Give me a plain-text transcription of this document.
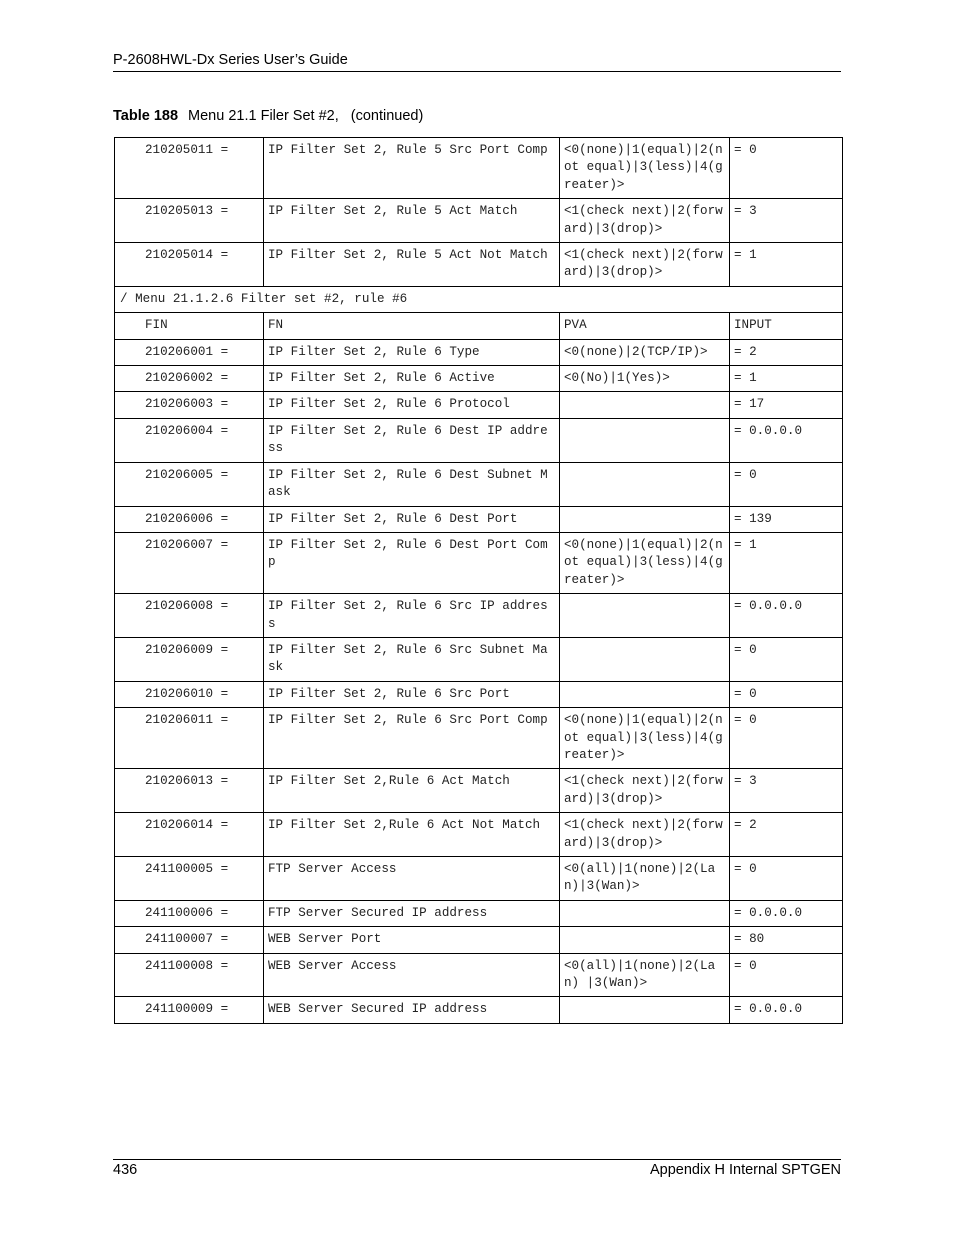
P-2608HWL-Dx Series User’s Guide
Table 188 Menu 21.1 Filer Set #2, (continued)
210205011 =	IP Filter Set 2, Rule 5 Src Port Comp	<0(none)|1(equal)|2(not equal)|3(less)|4(greater)>	= 0
210205013 =	IP Filter Set 2, Rule 5 Act Match	<1(check next)|2(forward)|3(drop)>	= 3
210205014 =	IP Filter Set 2, Rule 5 Act Not Match	<1(check next)|2(forward)|3(drop)>	= 1
/ Menu 21.1.2.6 Filter set #2, rule #6			
FIN	FN	PVA	INPUT
210206001 =	IP Filter Set 2, Rule 6 Type	<0(none)|2(TCP/IP)>	= 2
210206002 =	IP Filter Set 2, Rule 6 Active	<0(No)|1(Yes)>	= 1
210206003 =	IP Filter Set 2, Rule 6 Protocol		= 17
210206004 =	IP Filter Set 2, Rule 6 Dest IP address		= 0.0.0.0
210206005 =	IP Filter Set 2, Rule 6 Dest Subnet Mask		= 0
210206006 =	IP Filter Set 2, Rule 6 Dest Port		= 139
210206007 =	IP Filter Set 2, Rule 6 Dest Port Comp	<0(none)|1(equal)|2(not equal)|3(less)|4(greater)>	= 1
210206008 =	IP Filter Set 2, Rule 6 Src IP address		= 0.0.0.0
210206009 =	IP Filter Set 2, Rule 6 Src Subnet Mask		= 0
210206010 =	IP Filter Set 2, Rule 6 Src Port		= 0
210206011 =	IP Filter Set 2, Rule 6 Src Port Comp	<0(none)|1(equal)|2(not equal)|3(less)|4(greater)>	= 0
210206013 =	IP Filter Set 2,Rule 6 Act Match	<1(check next)|2(forward)|3(drop)>	= 3
210206014 =	IP Filter Set 2,Rule 6 Act Not Match	<1(check next)|2(forward)|3(drop)>	= 2
241100005 =	FTP Server Access	<0(all)|1(none)|2(Lan)|3(Wan)>	= 0
241100006 =	FTP Server Secured IP address		= 0.0.0.0
241100007 =	WEB Server Port		= 80
241100008 =	WEB Server Access	<0(all)|1(none)|2(Lan) |3(Wan)>	= 0
241100009 =	WEB Server Secured IP address		= 0.0.0.0
436	Appendix H Internal SPTGEN
